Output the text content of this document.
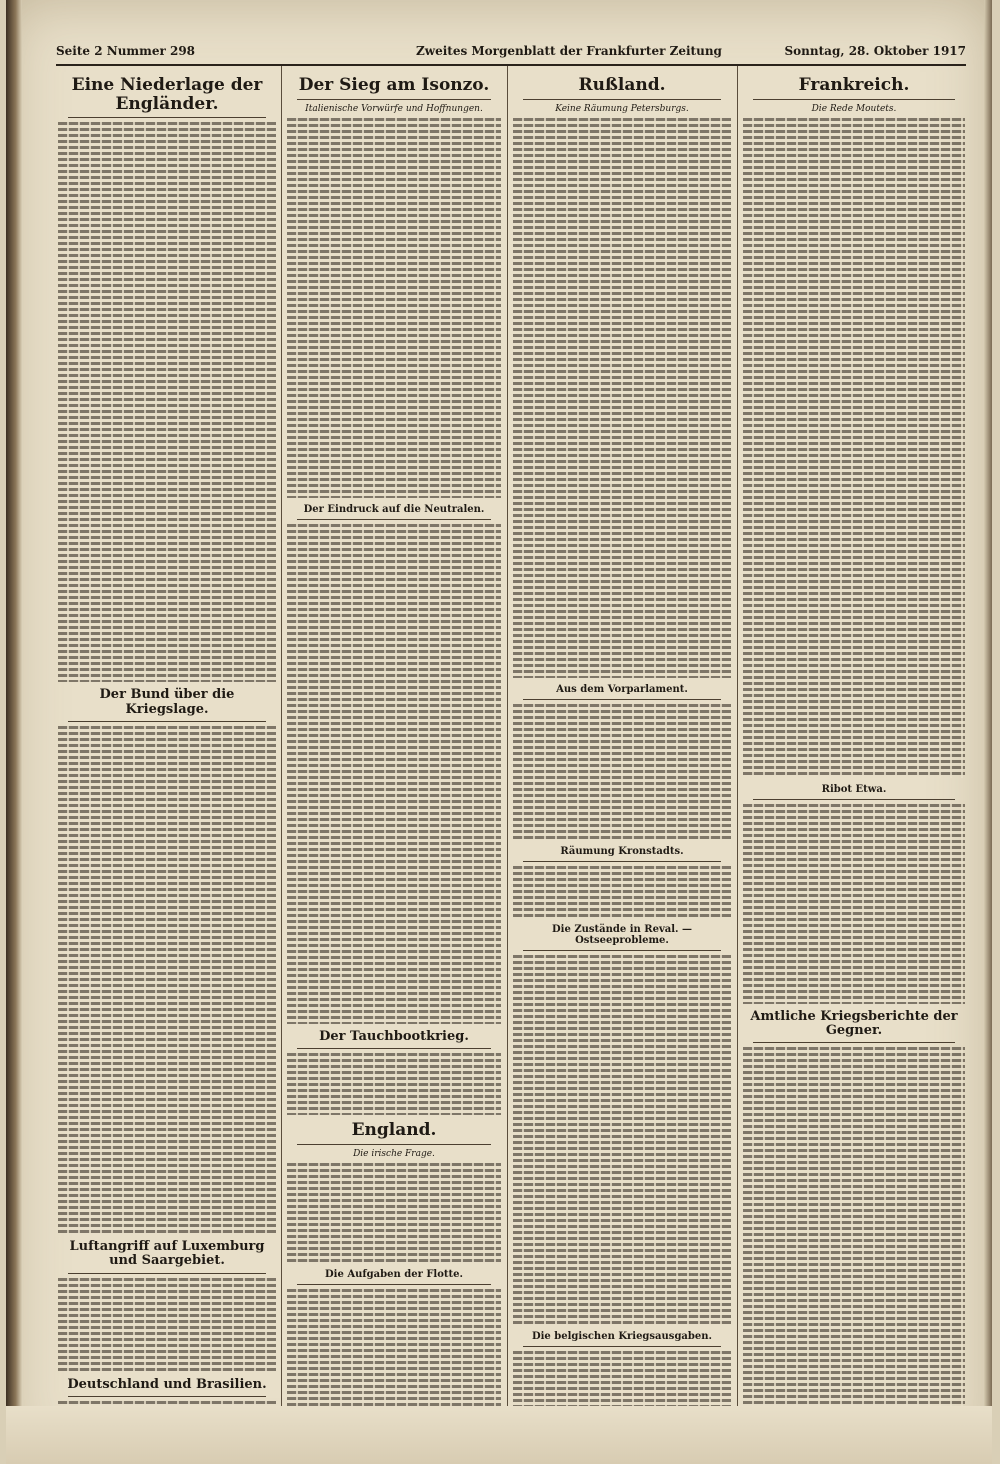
Seite 2 Nummer 298	Zweites Morgenblatt der Frankfurter Zeitung	Sonntag, 28. Oktober 1917
Eine Niederlage der Engländer.
Der Bund über die Kriegslage.
Luftangriff auf Luxemburg und Saargebiet.
Deutschland und Brasilien.
Der Sieg am Isonzo.
Italienische Vorwürfe und Hoffnungen.
Der Eindruck auf die Neutralen.
Der Tauchbootkrieg.
England.
Die irische Frage.
Die Aufgaben der Flotte.
Rußland.
Keine Räumung Petersburgs.
Aus dem Vorparlament.
Räumung Kronstadts.
Die Zustände in Reval. — Ostseeprobleme.
Die belgischen Kriegsausgaben.
Frankreich.
Die Rede Moutets.
Ribot Etwa.
Amtliche Kriegsberichte der Gegner.
